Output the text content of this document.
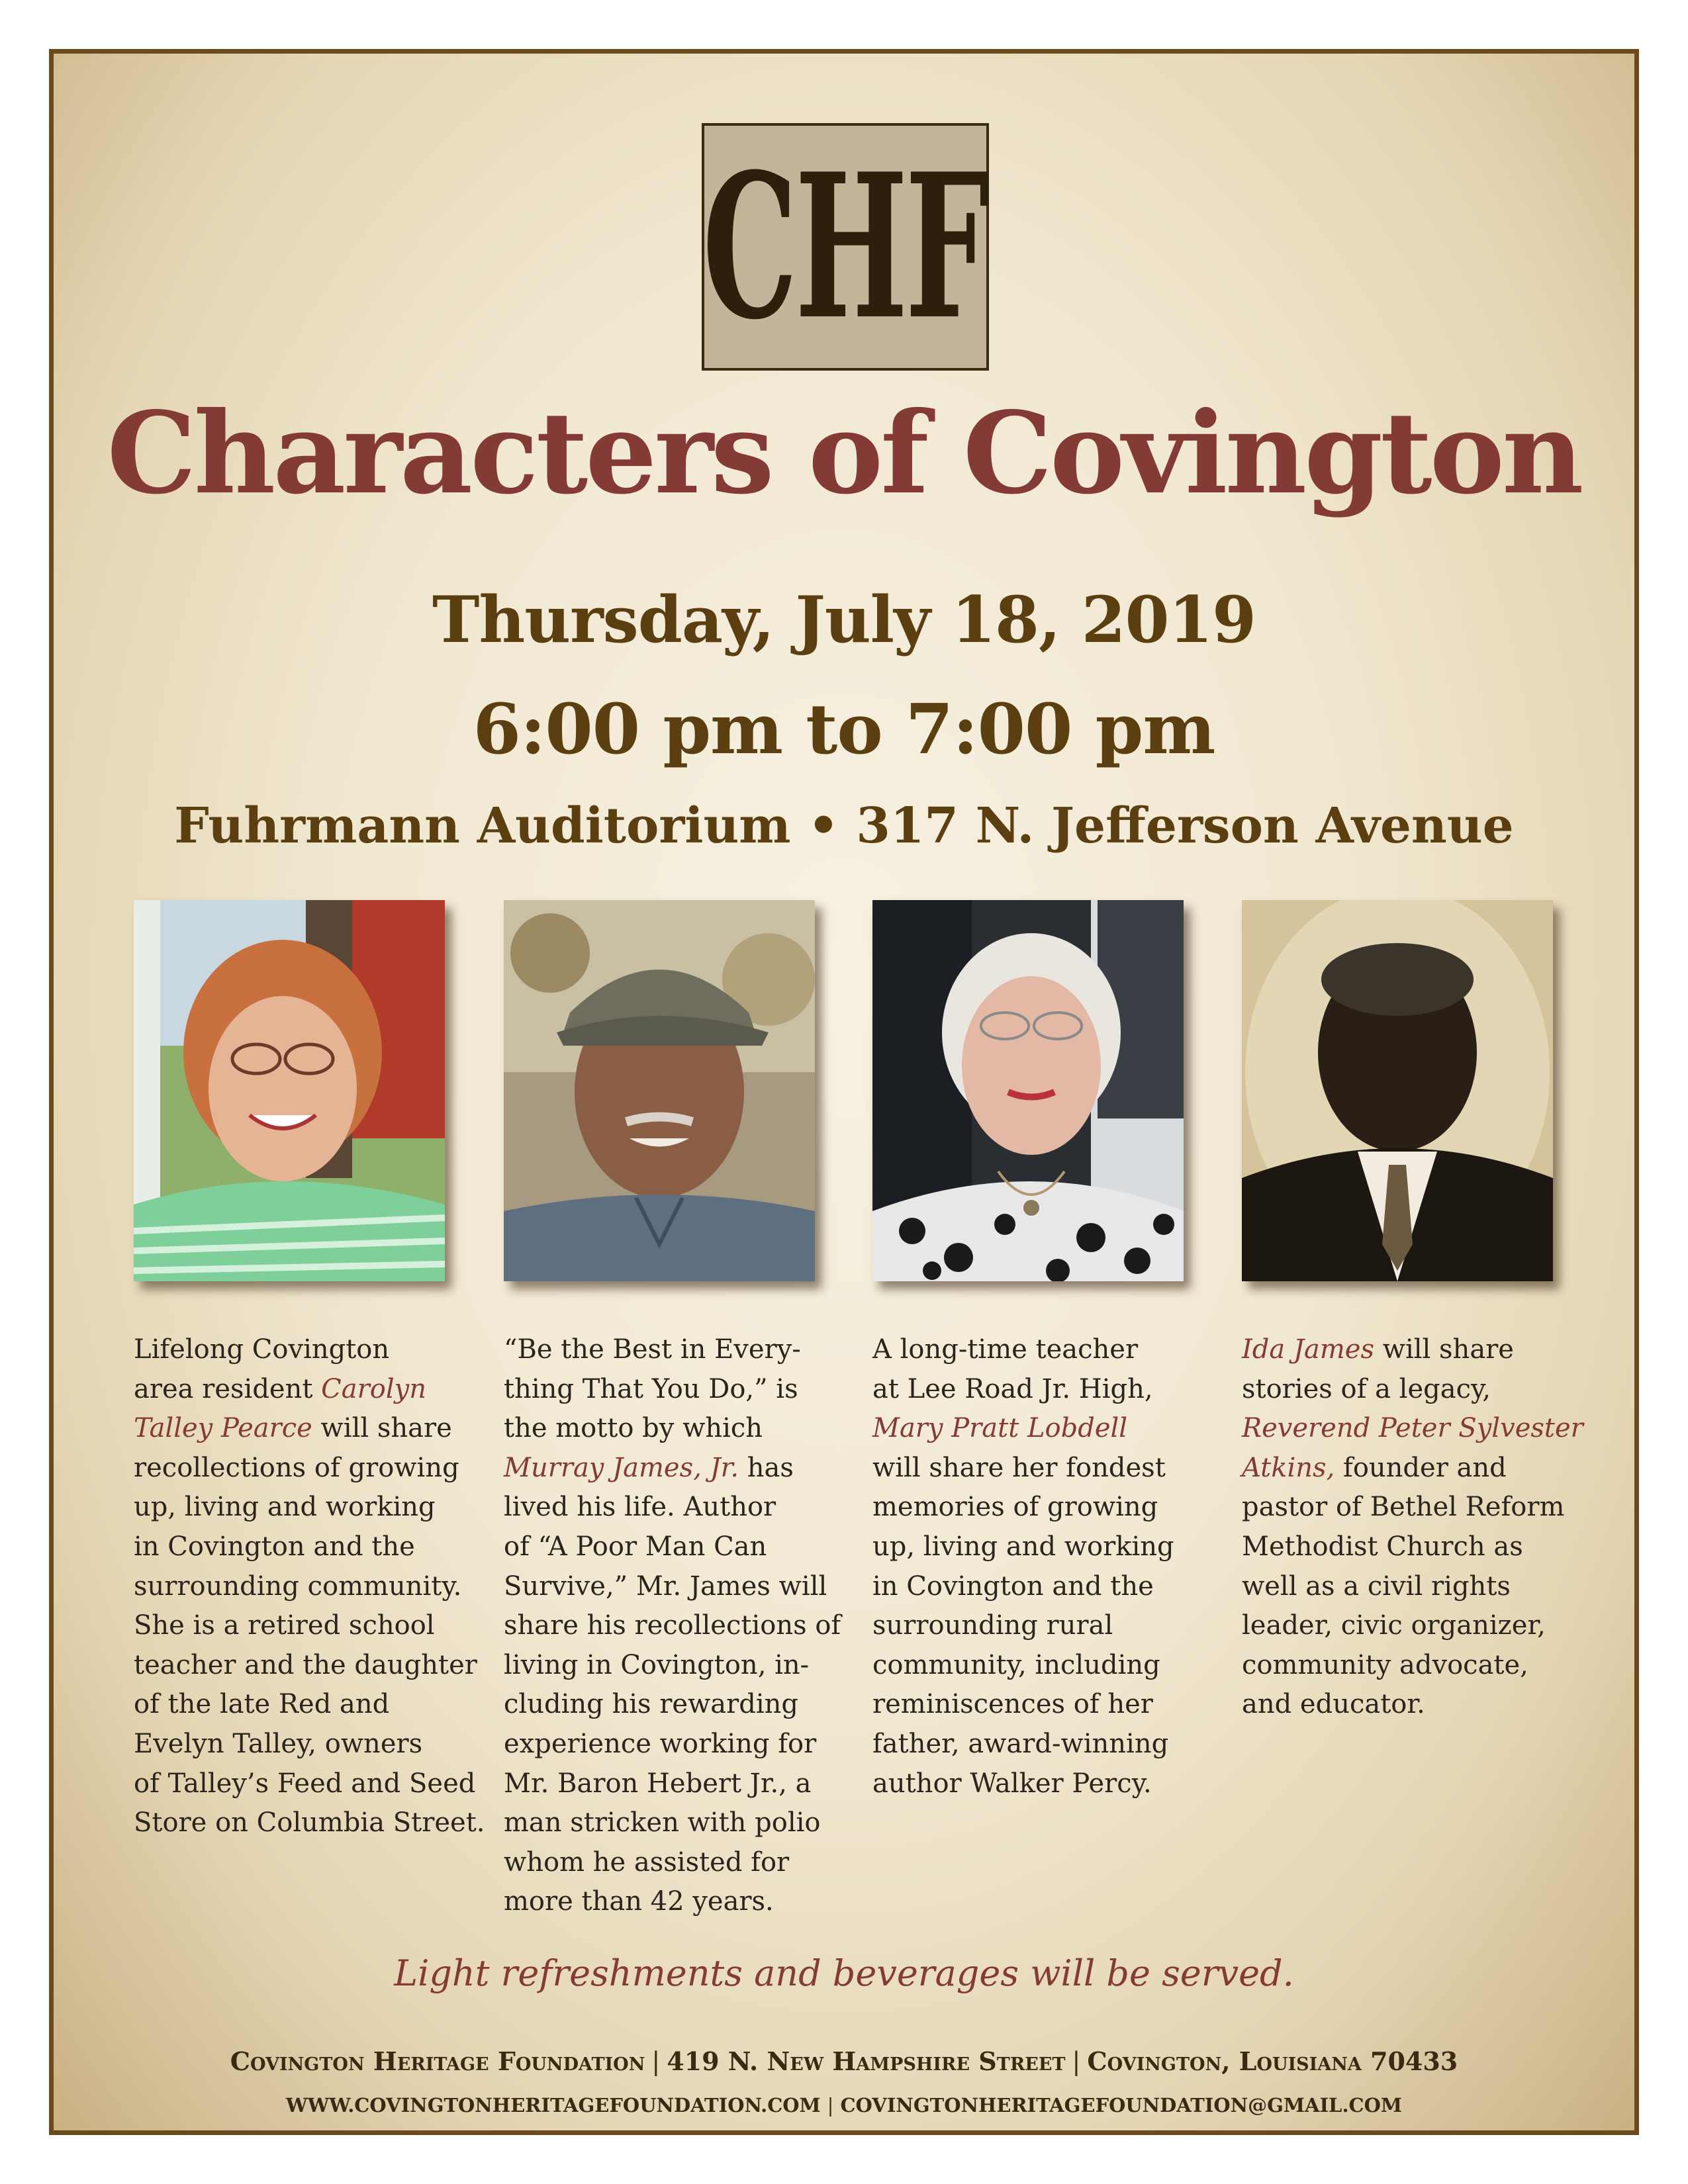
CHF
Characters of Covington
Thursday, July 18, 2019
6:00 pm to 7:00 pm
Fuhrmann Auditorium • 317 N. Jefferson Avenue
Lifelong Covington
area resident Carolyn
Talley Pearce will share
recollections of growing
up, living and working
in Covington and the
surrounding community.
She is a retired school
teacher and the daughter
of the late Red and
Evelyn Talley, owners
of Talley’s Feed and Seed
Store on Columbia Street.
“Be the Best in Every-
thing That You Do,” is
the motto by which
Murray James, Jr. has
lived his life. Author
of “A Poor Man Can
Survive,” Mr. James will
share his recollections of
living in Covington, in-
cluding his rewarding
experience working for
Mr. Baron Hebert Jr., a
man stricken with polio
whom he assisted for
more than 42 years.
A long-time teacher
at Lee Road Jr. High,
Mary Pratt Lobdell
will share her fondest
memories of growing
up, living and working
in Covington and the
surrounding rural
community, including
reminiscences of her
father, award-winning
author Walker Percy.
Ida James will share
stories of a legacy,
Reverend Peter Sylvester
Atkins, founder and
pastor of Bethel Reform
Methodist Church as
well as a civil rights
leader, civic organizer,
community advocate,
and educator.
Light refreshments and beverages will be served.
Covington Heritage Foundation | 419 N. New Hampshire Street | Covington, Louisiana 70433
WWW.COVINGTONHERITAGEFOUNDATION.COM | COVINGTONHERITAGEFOUNDATION@GMAIL.COM
